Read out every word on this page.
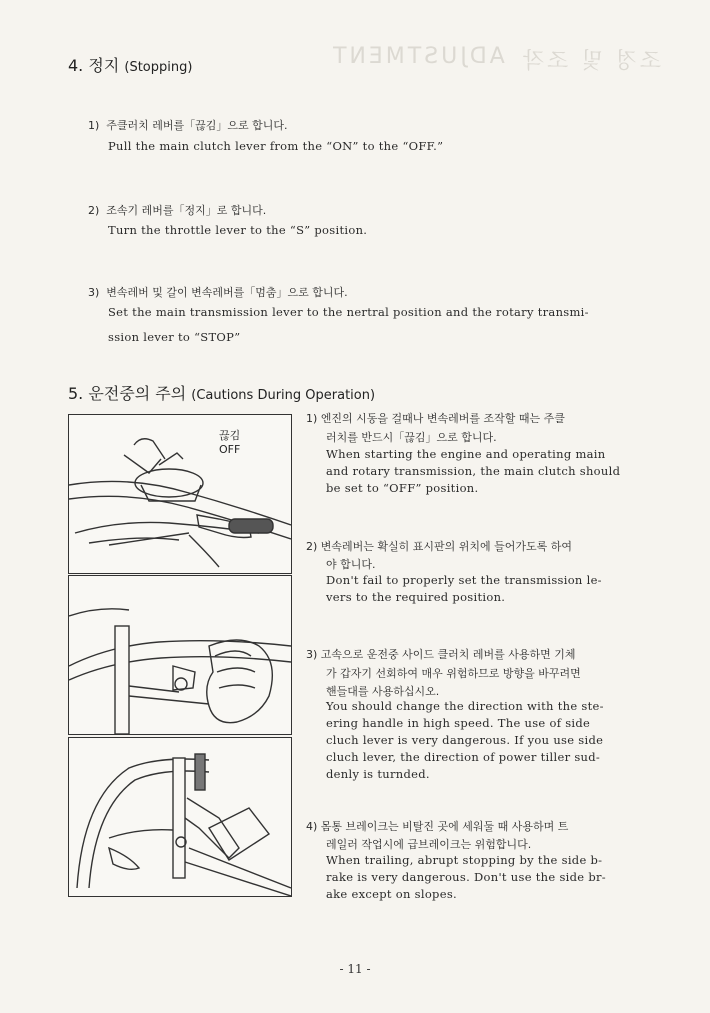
ADJUSTMENT 조정 및 조작
4. 정지 (Stopping)
1) 주클러치 레버를「끊김」으로 합니다.
Pull the main clutch lever from the “ON” to the “OFF.”
2) 조속기 레버를「정지」로 합니다.
Turn the throttle lever to the “S” position.
3) 변속레버 및 갈이 변속레버를「멈춤」으로 합니다.
Set the main transmission lever to the nertral position and the rotary transmi-
ssion lever to “STOP”
5. 운전중의 주의 (Cautions During Operation)
끊김
OFF
1) 엔진의 시동을 걸때나 변속레버를 조작할 때는 주클
러치를 반드시「끊김」으로 합니다.
When starting the engine and operating main
and rotary transmission, the main clutch should
be set to “OFF” position.
2) 변속레버는 확실히 표시판의 위치에 들어가도록 하여
야 합니다.
Don't fail to properly set the transmission le-
vers to the required position.
3) 고속으로 운전중 사이드 클러치 레버를 사용하면 기체
가 갑자기 선회하여 매우 위험하므로 방향을 바꾸려면
핸들대를 사용하십시오.
You should change the direction with the ste-
ering handle in high speed. The use of side
cluch lever is very dangerous. If you use side
cluch lever, the direction of power tiller sud-
denly is turnded.
4) 몸통 브레이크는 비탈진 곳에 세워둘 때 사용하며 트
레일러 작업시에 급브레이크는 위험합니다.
When trailing, abrupt stopping by the side b-
rake is very dangerous. Don't use the side br-
ake except on slopes.
- 11 -
